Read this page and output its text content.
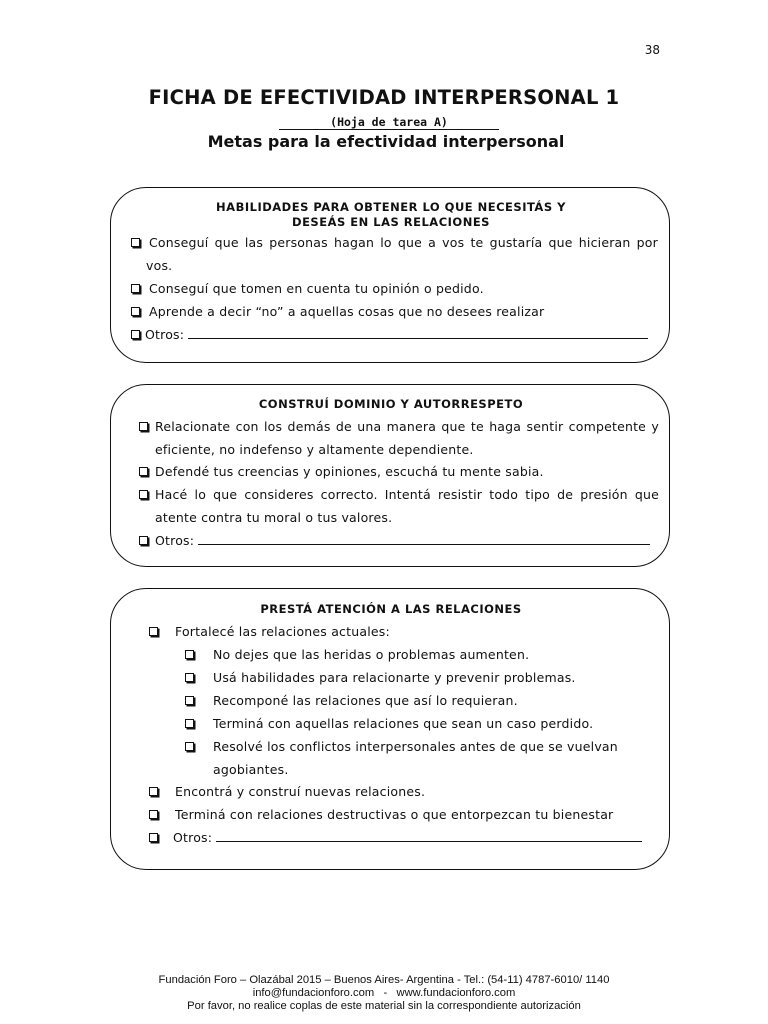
38
FICHA DE EFECTIVIDAD INTERPERSONAL 1
(Hoja de tarea A)
Metas para la efectividad interpersonal
HABILIDADES PARA OBTENER LO QUE NECESITÁS Y
DESEÁS EN LAS RELACIONES
Conseguí que las personas hagan lo que a vos te gustaría que hicieran por
vos.
Conseguí que tomen en cuenta tu opinión o pedido.
Aprende a decir “no” a aquellas cosas que no desees realizar
Otros:
CONSTRUÍ DOMINIO Y AUTORRESPETO
Relacionate con los demás de una manera que te haga sentir competente y
eficiente, no indefenso y altamente dependiente.
Defendé tus creencias y opiniones, escuchá tu mente sabia.
Hacé lo que consideres correcto. Intentá resistir todo tipo de presión que
atente contra tu moral o tus valores.
Otros:
PRESTÁ ATENCIÓN A LAS RELACIONES
Fortalecé las relaciones actuales:
No dejes que las heridas o problemas aumenten.
Usá habilidades para relacionarte y prevenir problemas.
Recomponé las relaciones que así lo requieran.
Terminá con aquellas relaciones que sean un caso perdido.
Resolvé los conflictos interpersonales antes de que se vuelvan
agobiantes.
Encontrá y construí nuevas relaciones.
Terminá con relaciones destructivas o que entorpezcan tu bienestar
Otros:
Fundación Foro – Olazábal 2015 – Buenos Aires- Argentina - Tel.: (54-11) 4787-6010/ 1140
info@fundacionforo.com   -   www.fundacionforo.com
Por favor, no realice coplas de este material sin la correspondiente autorización
